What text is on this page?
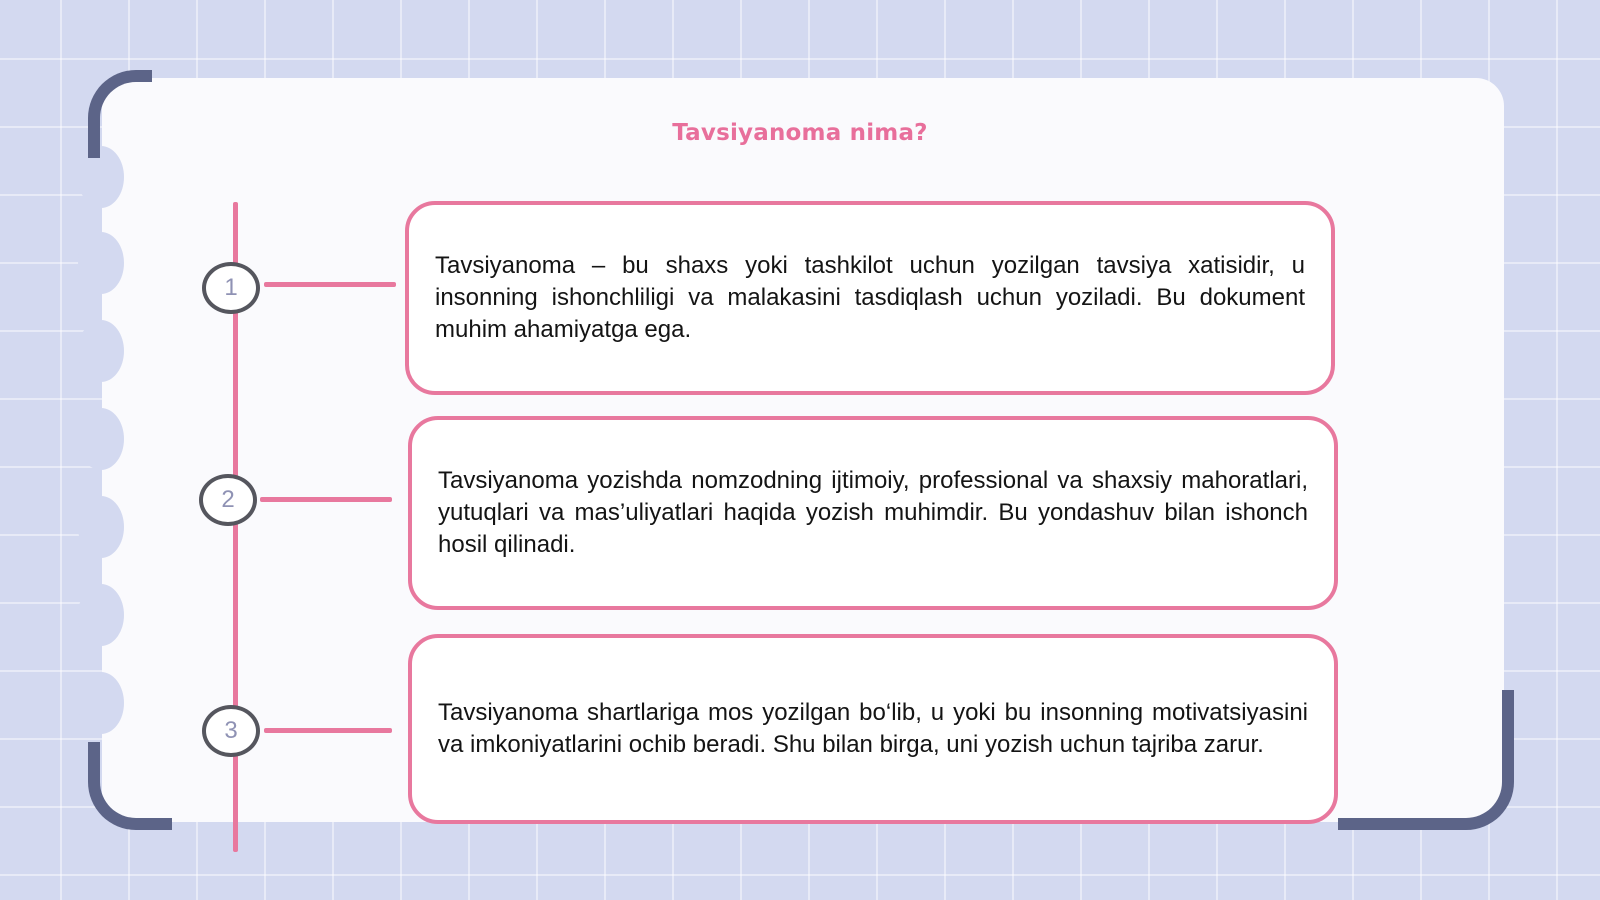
Tavsiyanoma nima?
1
2
3

Tavsiyanoma – bu shaxs yoki tashkilot uchun yozilgan tavsiya xatisidir, u insonning ishonchliligi va malakasini tasdiqlash uchun yoziladi. Bu dokument muhim ahamiyatga ega.

Tavsiyanoma yozishda nomzodning ijtimoiy, professional va shaxsiy mahoratlari, yutuqlari va mas’uliyatlari haqida yozish muhimdir. Bu yondashuv bilan ishonch hosil qilinadi.

Tavsiyanoma shartlariga mos yozilgan bo‘lib, u yoki bu insonning motivatsiyasini va imkoniyatlarini ochib beradi. Shu bilan birga, uni yozish uchun tajriba zarur.
